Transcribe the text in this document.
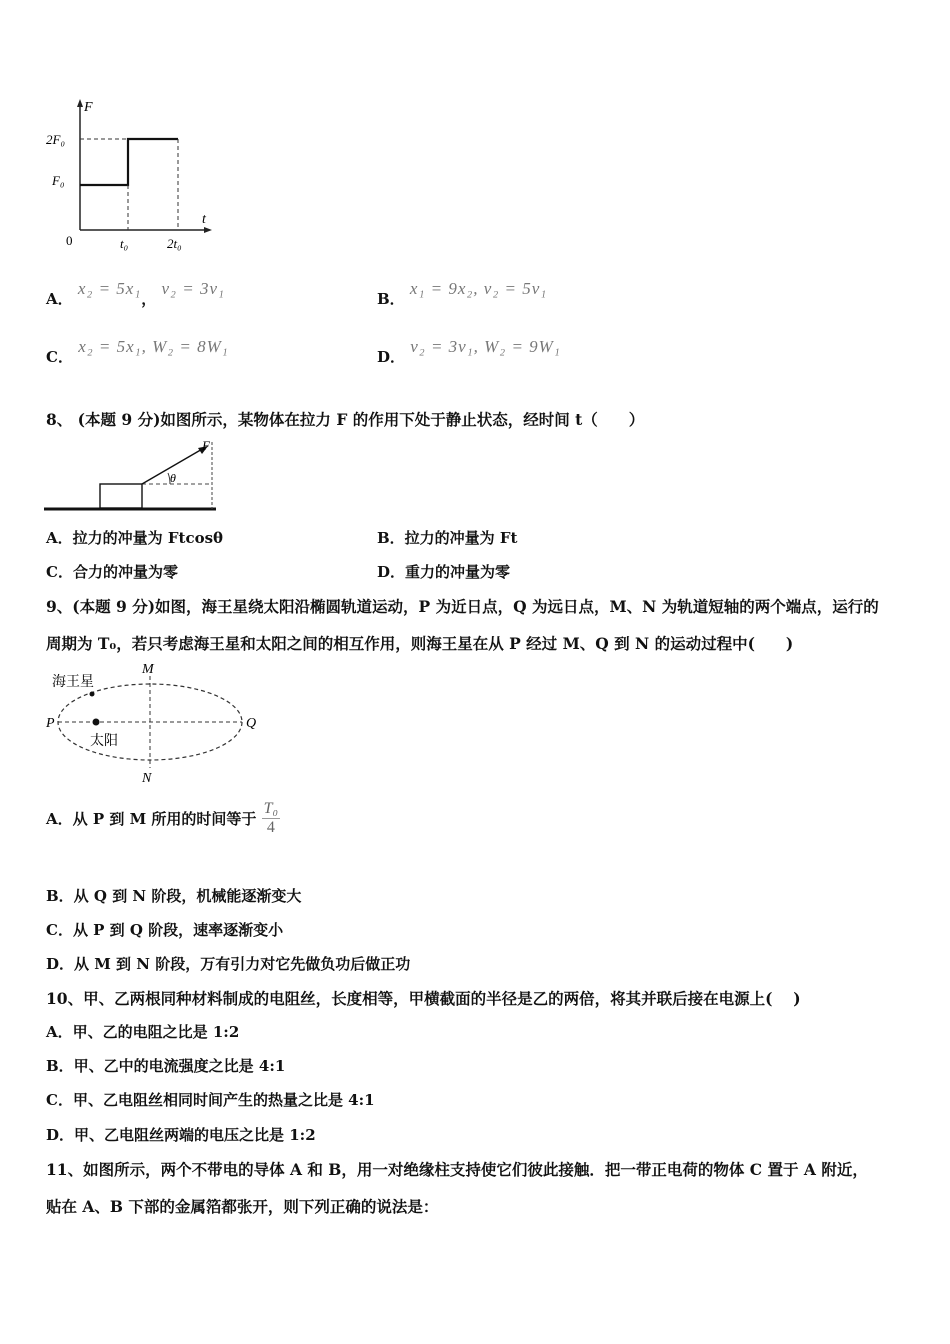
F
t
0
2F₀
F₀
t₀	2t₀
A． x₂ = 5x₁， v₂ = 3v₁
B． x₁ = 9x₂, v₂ = 5v₁
C． x₂ = 5x₁, W₂ = 8W₁
D． v₂ = 3v₁, W₂ = 9W₁
8、 (本题 9 分)如图所示，某物体在拉力 F 的作用下处于静止状态，经时间 t（　　）
F
θ
A．拉力的冲量为 Ftcosθ	B．拉力的冲量为 Ft
C．合力的冲量为零	D．重力的冲量为零
9、(本题 9 分)如图，海王星绕太阳沿椭圆轨道运动，P 为近日点，Q 为远日点，M、N 为轨道短轴的两个端点，运行的
周期为 T₀，若只考虑海王星和太阳之间的相互作用，则海王星在从 P 经过 M、Q 到 N 的运动过程中(　　)
海王星
太阳
P	Q
M
N
A．从 P 到 M 所用的时间等于 $\frac{\text{T₀}}{4}$
B．从 Q 到 N 阶段，机械能逐渐变大
C．从 P 到 Q 阶段，速率逐渐变小
D．从 M 到 N 阶段，万有引力对它先做负功后做正功
10、甲、乙两根同种材料制成的电阻丝，长度相等，甲横截面的半径是乙的两倍，将其并联后接在电源上(　 )
A．甲、乙的电阻之比是 1:2
B．甲、乙中的电流强度之比是 4:1
C．甲、乙电阻丝相同时间产生的热量之比是 4:1
D．甲、乙电阻丝两端的电压之比是 1:2
11、如图所示，两个不带电的导体 A 和 B，用一对绝缘柱支持使它们彼此接触．把一带正电荷的物体 C 置于 A 附近，
贴在 A、B 下部的金属箔都张开，则下列正确的说法是：
